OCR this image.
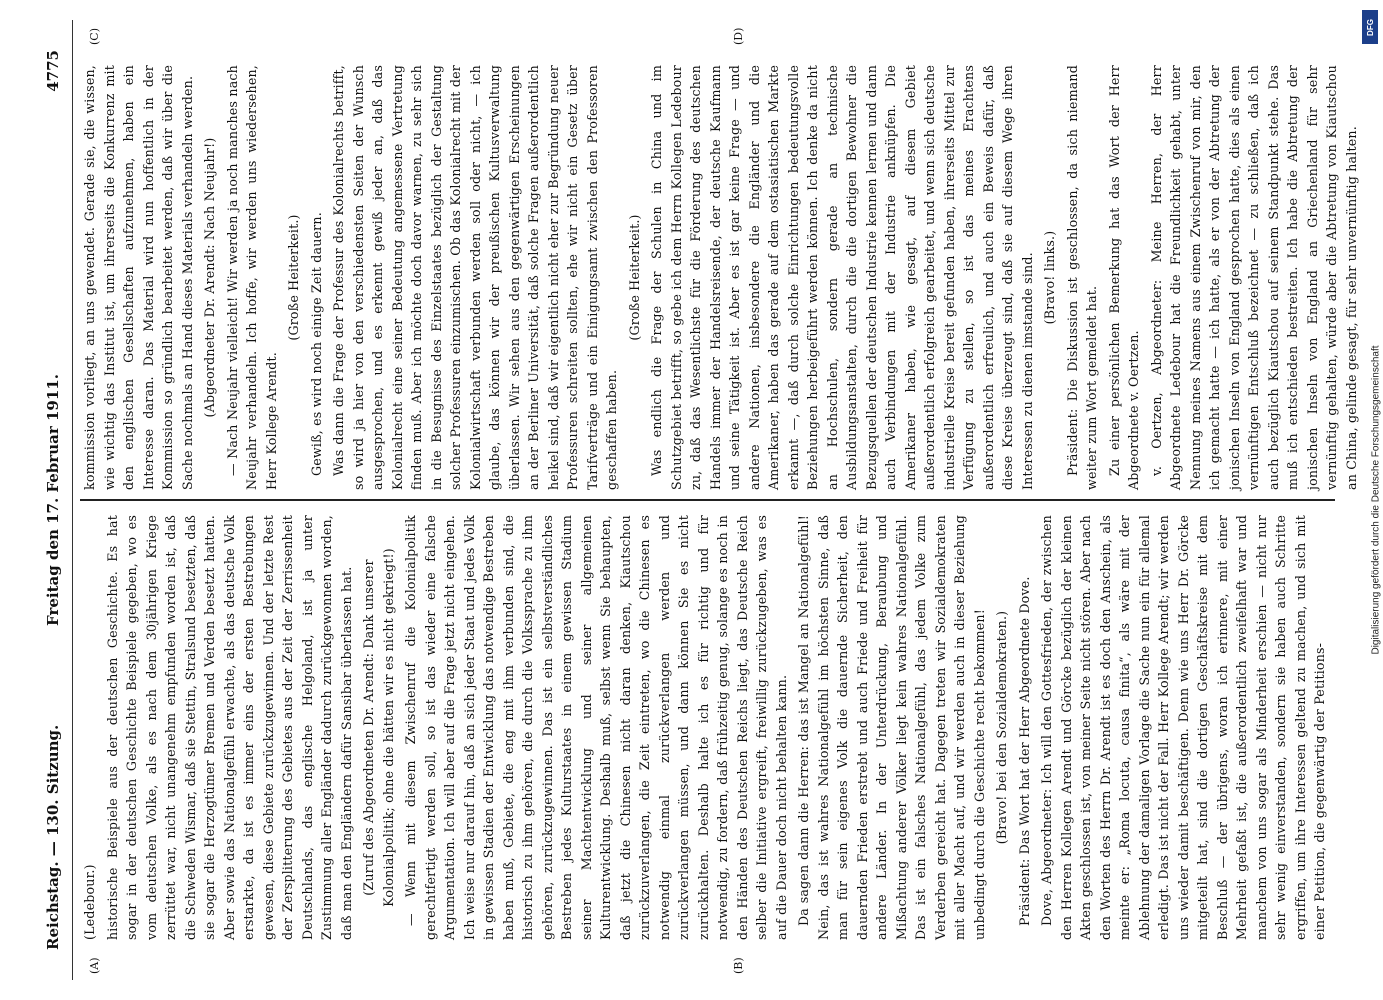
Reichstag. — 130. Sitzung.
Freitag den 17. Februar 1911.
4775
(A)	(B)
(C)	(D)

(Ledebour.) historische Beispiele aus der deutschen Geschichte. Es hat sogar in der deutschen Geschichte Beispiele gegeben, wo es vom deutschen Volke, als es nach dem 30jährigen Kriege zerrüttet war, nicht unangenehm empfunden worden ist, daß die Schweden Wismar, daß sie Stettin, Stralsund besetzten, daß sie sogar die Herzogtümer Bremen und Verden besetzt hatten. Aber sowie das Nationalgefühl erwachte, als das deutsche Volk erstarkte, da ist es immer eins der ersten Bestrebungen gewesen, diese Gebiete zurückzugewinnen. Und der letzte Rest der Zersplitterung des Gebietes aus der Zeit der Zerrissenheit Deutschlands, das englische Helgoland, ist ja unter Zustimmung aller Engländer dadurch zurückgewonnen worden, daß man den Engländern dafür Sansibar überlassen hat. (Zuruf des Abgeordneten Dr. Arendt: Dank unserer Kolonialpolitik; ohne die hätten wir es nicht gekriegt!) — Wenn mit diesem Zwischenruf die Kolonialpolitik gerechtfertigt werden soll, so ist das wieder eine falsche Argumentation. Ich will aber auf die Frage jetzt nicht eingehen. Ich weise nur darauf hin, daß an sich jeder Staat und jedes Volk in gewissen Stadien der Entwicklung das notwendige Bestreben haben muß, Gebiete, die eng mit ihm verbunden sind, die historisch zu ihm gehören, die durch die Volkssprache zu ihm gehören, zurückzugewinnen. Das ist ein selbstverständliches Bestreben jedes Kulturstaates in einem gewissen Stadium seiner Machtentwicklung und seiner allgemeinen Kulturentwicklung. Deshalb muß, selbst wenn Sie behaupten, daß jetzt die Chinesen nicht daran denken, Kiautschou zurückzuverlangen, die Zeit eintreten, wo die Chinesen es notwendig einmal zurückverlangen werden und zurückverlangen müssen, und dann können Sie es nicht zurückhalten. Deshalb halte ich es für richtig und für notwendig, zu fordern, daß frühzeitig genug, solange es noch in den Händen des Deutschen Reichs liegt, das Deutsche Reich selber die Initiative ergreift, freiwillig zurückzugeben, was es auf die Dauer doch nicht behalten kann. Da sagen dann die Herren: das ist Mangel an Nationalgefühl! Nein, das ist wahres Nationalgefühl im höchsten Sinne, daß man für sein eigenes Volk die dauernde Sicherheit, den dauernden Frieden erstrebt und auch Friede und Freiheit für andere Länder. In der Unterdrückung, Beraubung und Mißachtung anderer Völker liegt kein wahres Nationalgefühl. Das ist ein falsches Nationalgefühl, das jedem Volke zum Verderben gereicht hat. Dagegen treten wir Sozialdemokraten mit aller Macht auf, und wir werden auch in dieser Beziehung unbedingt durch die Geschichte recht bekommen! (Bravo! bei den Sozialdemokraten.) Präsident: Das Wort hat der Herr Abgeordnete Dove. Dove, Abgeordneter: Ich will den Gottesfrieden, der zwischen den Herren Kollegen Arendt und Görcke bezüglich der kleinen Akten geschlossen ist, von meiner Seite nicht stören. Aber nach den Worten des Herrn Dr. Arendt ist es doch den Anschein, als meinte er: „Roma locuta, causa finita“, als wäre mit der Ablehnung der damaligen Vorlage die Sache nun ein für allemal erledigt. Das ist nicht der Fall. Herr Kollege Arendt; wir werden uns wieder damit beschäftigen. Denn wie uns Herr Dr. Görcke mitgeteilt hat, sind die dortigen Geschäftskreise mit dem Beschluß — der übrigens, woran ich erinnere, mit einer Mehrheit gefaßt ist, die außerordentlich zweifelhaft war und manchem von uns sogar als Minderheit erschien — nicht nur sehr wenig einverstanden, sondern sie haben auch Schritte ergriffen, um ihre Interessen geltend zu machen, und sich mit einer Petition, die gegenwärtig der Petitions-

kommission vorliegt, an uns gewendet. Gerade sie, die wissen, wie wichtig das Institut ist, um ihrerseits die Konkurrenz mit den englischen Gesellschaften aufzunehmen, haben ein Interesse daran. Das Material wird nun hoffentlich in der Kommission so gründlich bearbeitet werden, daß wir über die Sache nochmals an Hand dieses Materials verhandeln werden. (Abgeordneter Dr. Arendt: Nach Neujahr!) — Nach Neujahr vielleicht! Wir werden ja noch manches nach Neujahr verhandeln. Ich hoffe, wir werden uns wiedersehen, Herr Kollege Arendt.

(Große Heiterkeit.) Gewiß, es wird noch einige Zeit dauern. Was dann die Frage der Professur des Kolonialrechts betrifft, so wird ja hier von den verschiedensten Seiten der Wunsch ausgesprochen, und es erkennt gewiß jeder an, daß das Kolonialrecht eine seiner Bedeutung angemessene Vertretung finden muß. Aber ich möchte doch davor warnen, zu sehr sich in die Besugnisse des Einzelstaates bezüglich der Gestaltung solcher Professuren einzumischen. Ob das Kolonialrecht mit der Kolonialwirtschaft verbunden werden soll oder nicht, — ich glaube, das können wir der preußischen Kultusverwaltung überlassen. Wir sehen aus den gegenwärtigen Erscheinungen an der Berliner Universität, daß solche Fragen außerordentlich heikel sind, daß wir eigentlich nicht eher zur Begründung neuer Professuren schreiten sollten, ehe wir nicht ein Gesetz über Tarifverträge und ein Einigungsamt zwischen den Professoren geschaffen haben.

(Große Heiterkeit.) Was endlich die Frage der Schulen in China und im Schutzgebiet betrifft, so gebe ich dem Herrn Kollegen Ledebour zu, daß das Wesentlichste für die Förderung des deutschen Handels immer der Handelsreisende, der deutsche Kaufmann und seine Tätigkeit ist. Aber es ist gar keine Frage — und andere Nationen, insbesondere die Engländer und die Amerikaner, haben das gerade auf dem ostasiatischen Markte erkannt —, daß durch solche Einrichtungen bedeutungsvolle Beziehungen herbeigeführt werden können. Ich denke da nicht an Hochschulen, sondern gerade an technische Ausbildungsanstalten, durch die die dortigen Bewohner die Bezugsquellen der deutschen Industrie kennen lernen und dann auch Verbindungen mit der Industrie anknüpfen. Die Amerikaner haben, wie gesagt, auf diesem Gebiet außerordentlich erfolgreich gearbeitet, und wenn sich deutsche industrielle Kreise bereit gefunden haben, ihrerseits Mittel zur Verfügung zu stellen, so ist das meines Erachtens außerordentlich erfreulich, und auch ein Beweis dafür, daß diese Kreise überzeugt sind, daß sie auf diesem Wege ihren Interessen zu dienen imstande sind. (Bravo! links.) Präsident: Die Diskussion ist geschlossen, da sich niemand weiter zum Wort gemeldet hat. Zu einer persönlichen Bemerkung hat das Wort der Herr Abgeordnete v. Oertzen. v. Oertzen, Abgeordneter: Meine Herren, der Herr Abgeordnete Ledebour hat die Freundlichkeit gehabt, unter Nennung meines Namens aus einem Zwischenruf von mir, den ich gemacht hatte — ich hatte, als er von der Abtretung der jonischen Inseln von England gesprochen hatte, dies als einen vernünftigen Entschluß bezeichnet — zu schließen, daß ich auch bezüglich Kiautschou auf seinem Standpunkt stehe. Das muß ich entschieden bestreiten. Ich habe die Abtretung der jonischen Inseln von England an Griechenland für sehr vernünftig gehalten, würde aber die Abtretung von Kiautschou an China, gelinde gesagt, für sehr unvernünftig halten.

DFG
Digitalisierung gefördert durch die Deutsche Forschungsgemeinschaft
